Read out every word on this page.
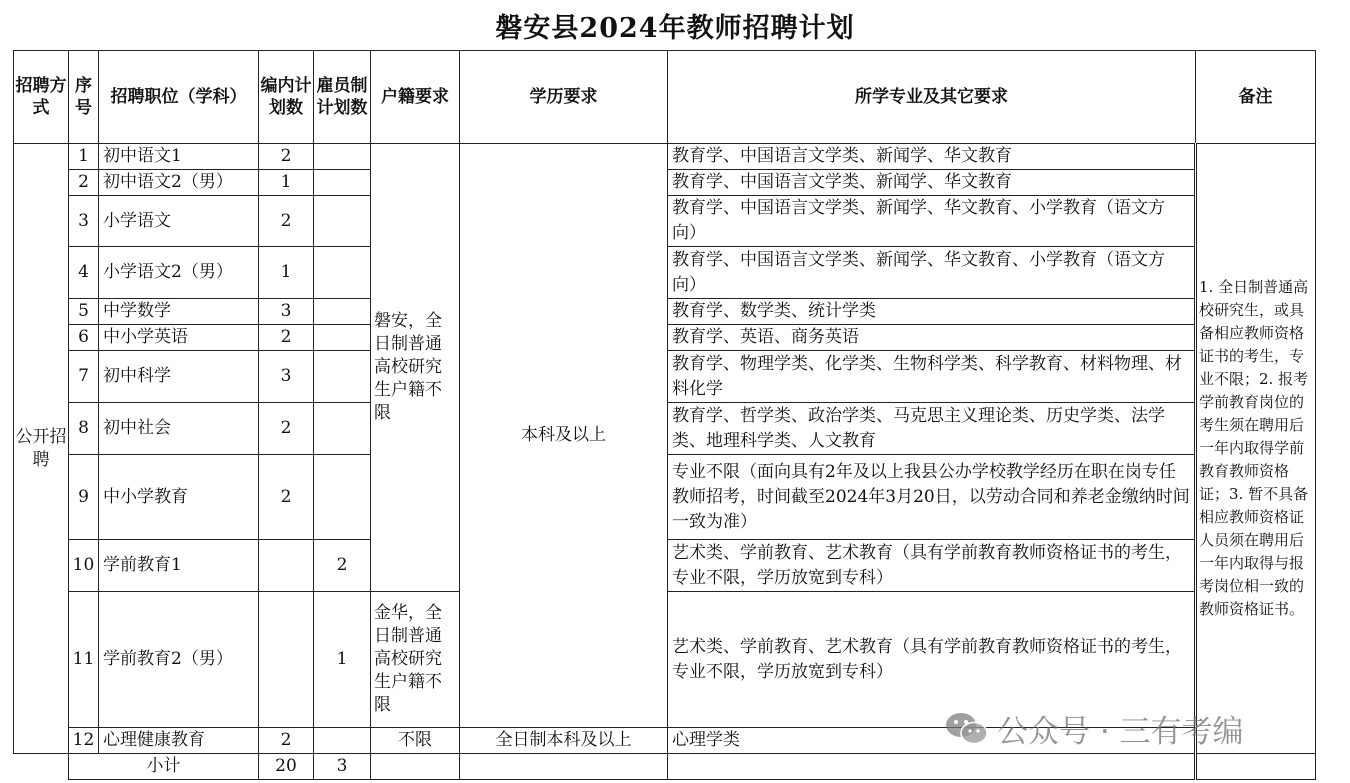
磐安县2024年教师招聘计划
招聘方式	序号	招聘职位（学科）	编内计划数	雇员制计划数	户籍要求	学历要求	所学专业及其它要求	备注
公开招聘	1	初中语文1	2		磐安，全日制普通高校研究生户籍不限	本科及以上	教育学、中国语言文学类、新闻学、华文教育	1. 全日制普通高校研究生，或具备相应教师资格证书的考生，专业不限；2. 报考学前教育岗位的考生须在聘用后一年内取得学前教育教师资格证；3. 暂不具备相应教师资格证人员须在聘用后一年内取得与报考岗位相一致的教师资格证书。
	2	初中语文2（男）	1				教育学、中国语言文学类、新闻学、华文教育	
	3	小学语文	2				教育学、中国语言文学类、新闻学、华文教育、小学教育（语文方向）	
	4	小学语文2（男）	1				教育学、中国语言文学类、新闻学、华文教育、小学教育（语文方向）	
	5	中学数学	3				教育学、数学类、统计学类	
	6	中小学英语	2				教育学、英语、商务英语	
	7	初中科学	3				教育学、物理学类、化学类、生物科学类、科学教育、材料物理、材料化学	
	8	初中社会	2				教育学、哲学类、政治学类、马克思主义理论类、历史学类、法学类、地理科学类、人文教育	
	9	中小学教育	2				专业不限（面向具有2年及以上我县公办学校教学经历在职在岗专任教师招考，时间截至2024年3月20日，以劳动合同和养老金缴纳时间一致为准）	
	10	学前教育1		2			艺术类、学前教育、艺术教育（具有学前教育教师资格证书的考生，专业不限，学历放宽到专科）	
	11	学前教育2（男）		1	金华，全日制普通高校研究生户籍不限		艺术类、学前教育、艺术教育（具有学前教育教师资格证书的考生，专业不限，学历放宽到专科）	
	12	心理健康教育	2		不限	全日制本科及以上	心理学类	
	小计		20	3				
公众号 · 三有考编
